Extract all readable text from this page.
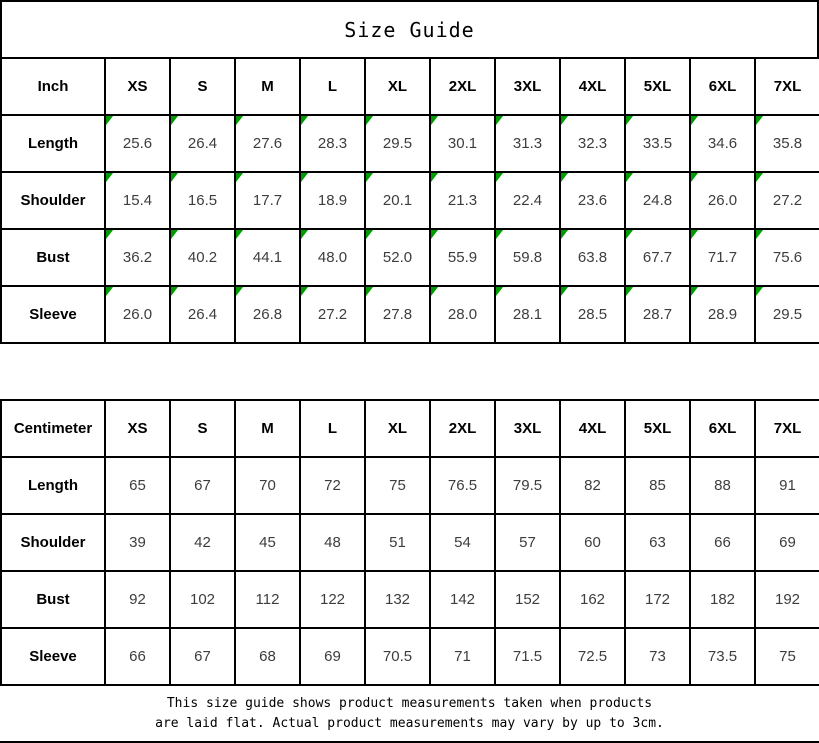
Size Guide
Inch	XS	S	M	L	XL	2XL	3XL	4XL	5XL	6XL	7XL
Length	25.6	26.4	27.6	28.3	29.5	30.1	31.3	32.3	33.5	34.6	35.8
Shoulder	15.4	16.5	17.7	18.9	20.1	21.3	22.4	23.6	24.8	26.0	27.2
Bust	36.2	40.2	44.1	48.0	52.0	55.9	59.8	63.8	67.7	71.7	75.6
Sleeve	26.0	26.4	26.8	27.2	27.8	28.0	28.1	28.5	28.7	28.9	29.5
Centimeter	XS	S	M	L	XL	2XL	3XL	4XL	5XL	6XL	7XL
Length	65	67	70	72	75	76.5	79.5	82	85	88	91
Shoulder	39	42	45	48	51	54	57	60	63	66	69
Bust	92	102	112	122	132	142	152	162	172	182	192
Sleeve	66	67	68	69	70.5	71	71.5	72.5	73	73.5	75
This size guide shows product measurements taken when products
are laid flat. Actual product measurements may vary by up to 3cm.
